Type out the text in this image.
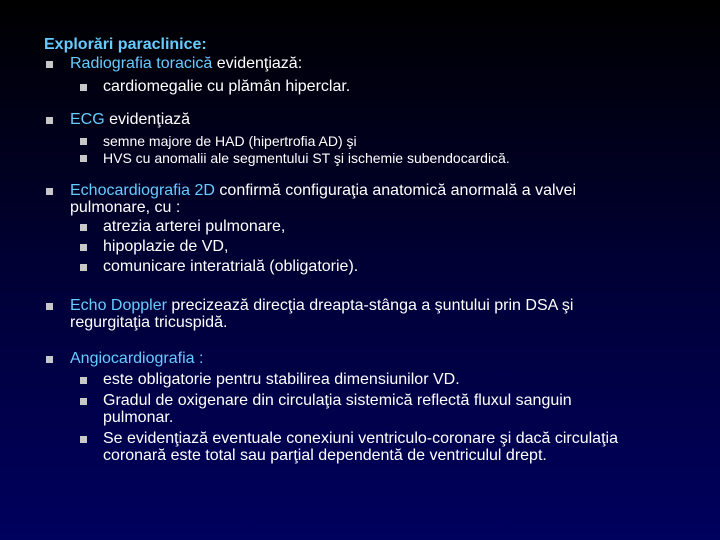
Explorări paraclinice:
Radiografia toracică evidenţiază:
cardiomegalie cu plămân hiperclar.
ECG evidenţiază
semne majore de HAD (hipertrofia AD) şi
HVS cu anomalii ale segmentului ST şi ischemie subendocardică.
Echocardiografia 2D confirmă configuraţia anatomică anormală a valvei
pulmonare, cu :
atrezia arterei pulmonare,
hipoplazie de VD,
comunicare interatrială (obligatorie).
Echo Doppler precizează direcţia dreapta-stânga a şuntului prin DSA şi
regurgitaţia tricuspidă.
Angiocardiografia :
este obligatorie pentru stabilirea dimensiunilor VD.
Gradul de oxigenare din circulaţia sistemică reflectă fluxul sanguin
pulmonar.
Se evidenţiază eventuale conexiuni ventriculo-coronare şi dacă circulaţia
coronară este total sau parţial dependentă de ventriculul drept.
